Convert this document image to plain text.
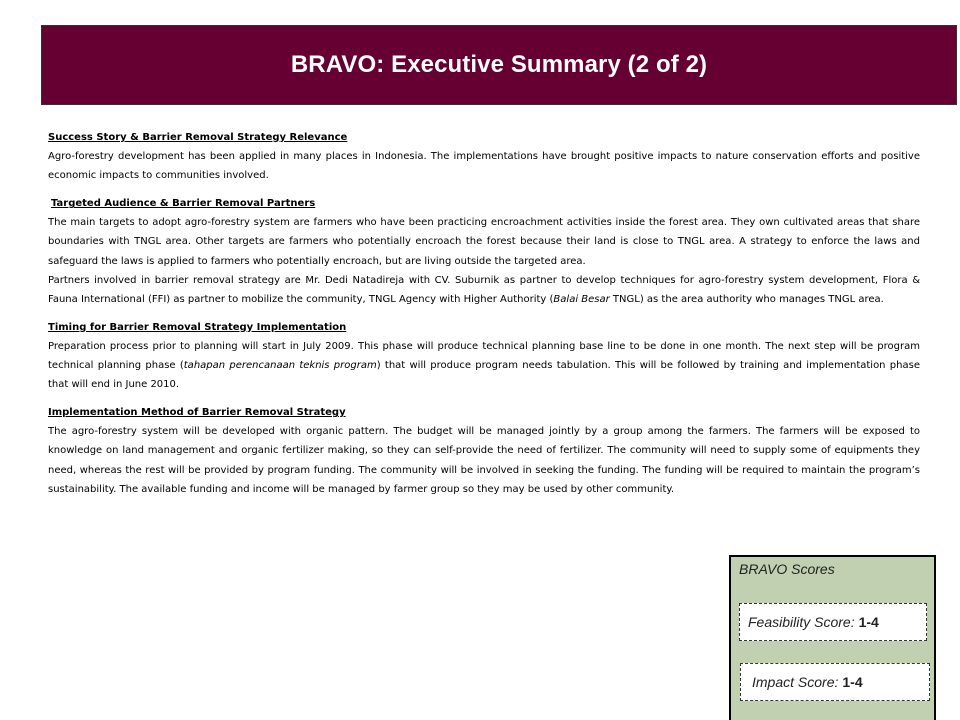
BRAVO: Executive Summary (2 of 2)
Success Story & Barrier Removal Strategy Relevance
Agro-forestry development has been applied in many places in Indonesia. The implementations have brought positive impacts to nature conservation efforts and positive economic impacts to communities involved.
Targeted Audience & Barrier Removal Partners
The main targets to adopt agro-forestry system are farmers who have been practicing encroachment activities inside the forest area. They own cultivated areas that share boundaries with TNGL area. Other targets are farmers who potentially encroach the forest because their land is close to TNGL area. A strategy to enforce the laws and safeguard the laws is applied to farmers who potentially encroach, but are living outside the targeted area.
Partners involved in barrier removal strategy are Mr. Dedi Natadireja with CV. Suburnik as partner to develop techniques for agro-forestry system development, Flora & Fauna International (FFI) as partner to mobilize the community, TNGL Agency with Higher Authority (Balai Besar TNGL) as the area authority who manages TNGL area.
Timing for Barrier Removal Strategy Implementation
Preparation process prior to planning will start in July 2009. This phase will produce technical planning base line to be done in one month. The next step will be program technical planning phase (tahapan perencanaan teknis program) that will produce program needs tabulation. This will be followed by training and implementation phase that will end in June 2010.
Implementation Method of Barrier Removal Strategy
The agro-forestry system will be developed with organic pattern. The budget will be managed jointly by a group among the farmers. The farmers will be exposed to knowledge on land management and organic fertilizer making, so they can self-provide the need of fertilizer. The community will need to supply some of equipments they need, whereas the rest will be provided by program funding. The community will be involved in seeking the funding. The funding will be required to maintain the program’s sustainability. The available funding and income will be managed by farmer group so they may be used by other community.
BRAVO Scores
Feasibility Score: 1-4
Impact Score: 1-4
